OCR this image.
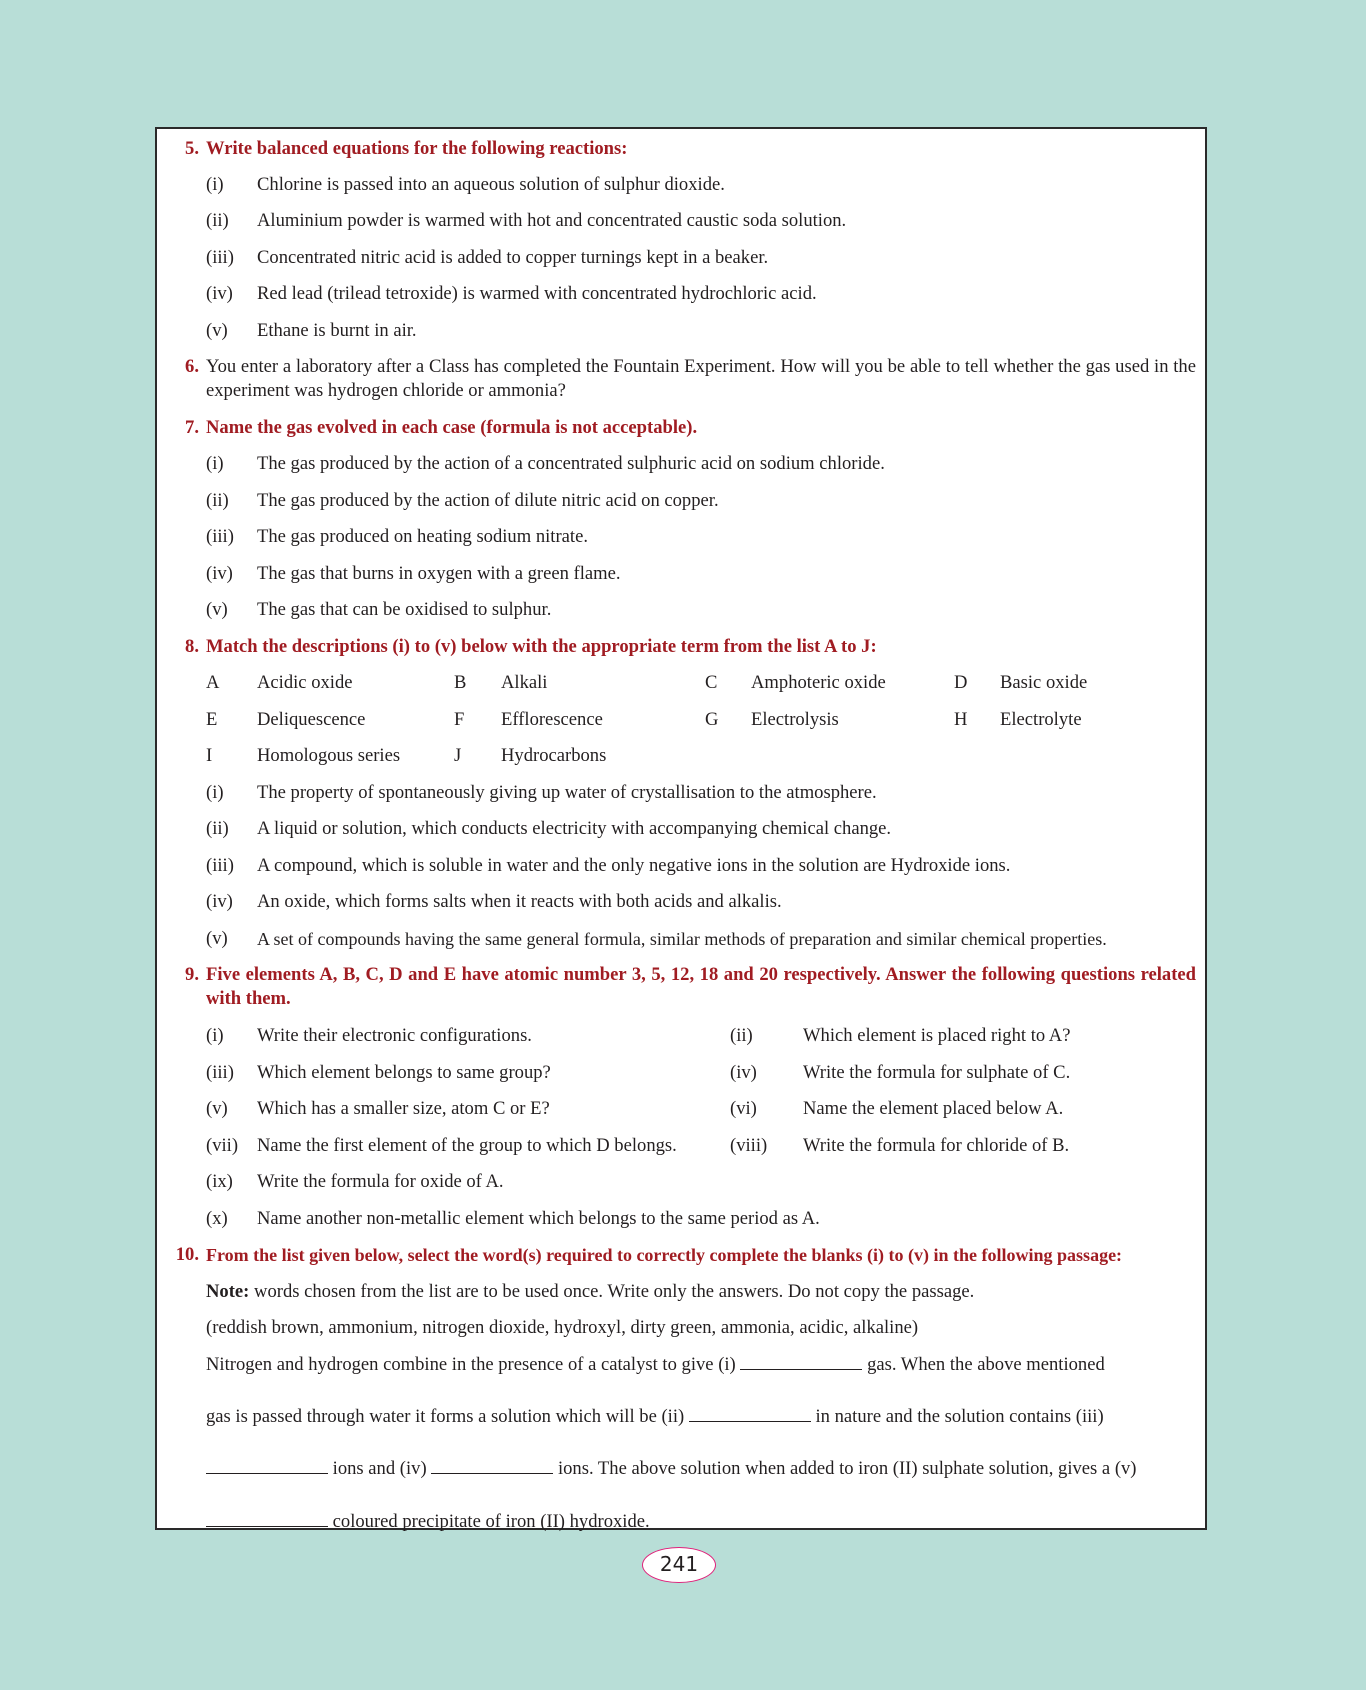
5. Write balanced equations for the following reactions:
(i) Chlorine is passed into an aqueous solution of sulphur dioxide.
(ii) Aluminium powder is warmed with hot and concentrated caustic soda solution.
(iii) Concentrated nitric acid is added to copper turnings kept in a beaker.
(iv) Red lead (trilead tetroxide) is warmed with concentrated hydrochloric acid.
(v) Ethane is burnt in air.
6. You enter a laboratory after a Class has completed the Fountain Experiment. How will you be able to tell whether the gas used in the experiment was hydrogen chloride or ammonia?
7. Name the gas evolved in each case (formula is not acceptable).
(i) The gas produced by the action of a concentrated sulphuric acid on sodium chloride.
(ii) The gas produced by the action of dilute nitric acid on copper.
(iii) The gas produced on heating sodium nitrate.
(iv) The gas that burns in oxygen with a green flame.
(v) The gas that can be oxidised to sulphur.
8. Match the descriptions (i) to (v) below with the appropriate term from the list A to J:
A Acidic oxide	B Alkali	C Amphoteric oxide	D Basic oxide
E Deliquescence	F Efflorescence	G Electrolysis	H Electrolyte
I Homologous series	J Hydrocarbons
(i) The property of spontaneously giving up water of crystallisation to the atmosphere.
(ii) A liquid or solution, which conducts electricity with accompanying chemical change.
(iii) A compound, which is soluble in water and the only negative ions in the solution are Hydroxide ions.
(iv) An oxide, which forms salts when it reacts with both acids and alkalis.
(v) A set of compounds having the same general formula, similar methods of preparation and similar chemical properties.
9. Five elements A, B, C, D and E have atomic number 3, 5, 12, 18 and 20 respectively. Answer the following questions related with them.
(i) Write their electronic configurations.	(ii)	Which element is placed right to A?
(iii) Which element belongs to same group?	(iv) Write the formula for sulphate of C.
(v) Which has a smaller size, atom C or E?	(vi) Name the element placed below A.
(vii) Name the first element of the group to which D belongs.	(viii) Write the formula for chloride of B.
(ix) Write the formula for oxide of A.
(x) Name another non-metallic element which belongs to the same period as A.
10. From the list given below, select the word(s) required to correctly complete the blanks (i) to (v) in the following passage:
Note: words chosen from the list are to be used once. Write only the answers. Do not copy the passage.
(reddish brown, ammonium, nitrogen dioxide, hydroxyl, dirty green, ammonia, acidic, alkaline)
Nitrogen and hydrogen combine in the presence of a catalyst to give (i)	gas. When the above mentioned
gas is passed through water it forms a solution which will be (ii)	in nature and the solution contains (iii)
ions and (iv)	ions. The above solution when added to iron (II) sulphate solution, gives a (v)
coloured precipitate of iron (II) hydroxide.
241
